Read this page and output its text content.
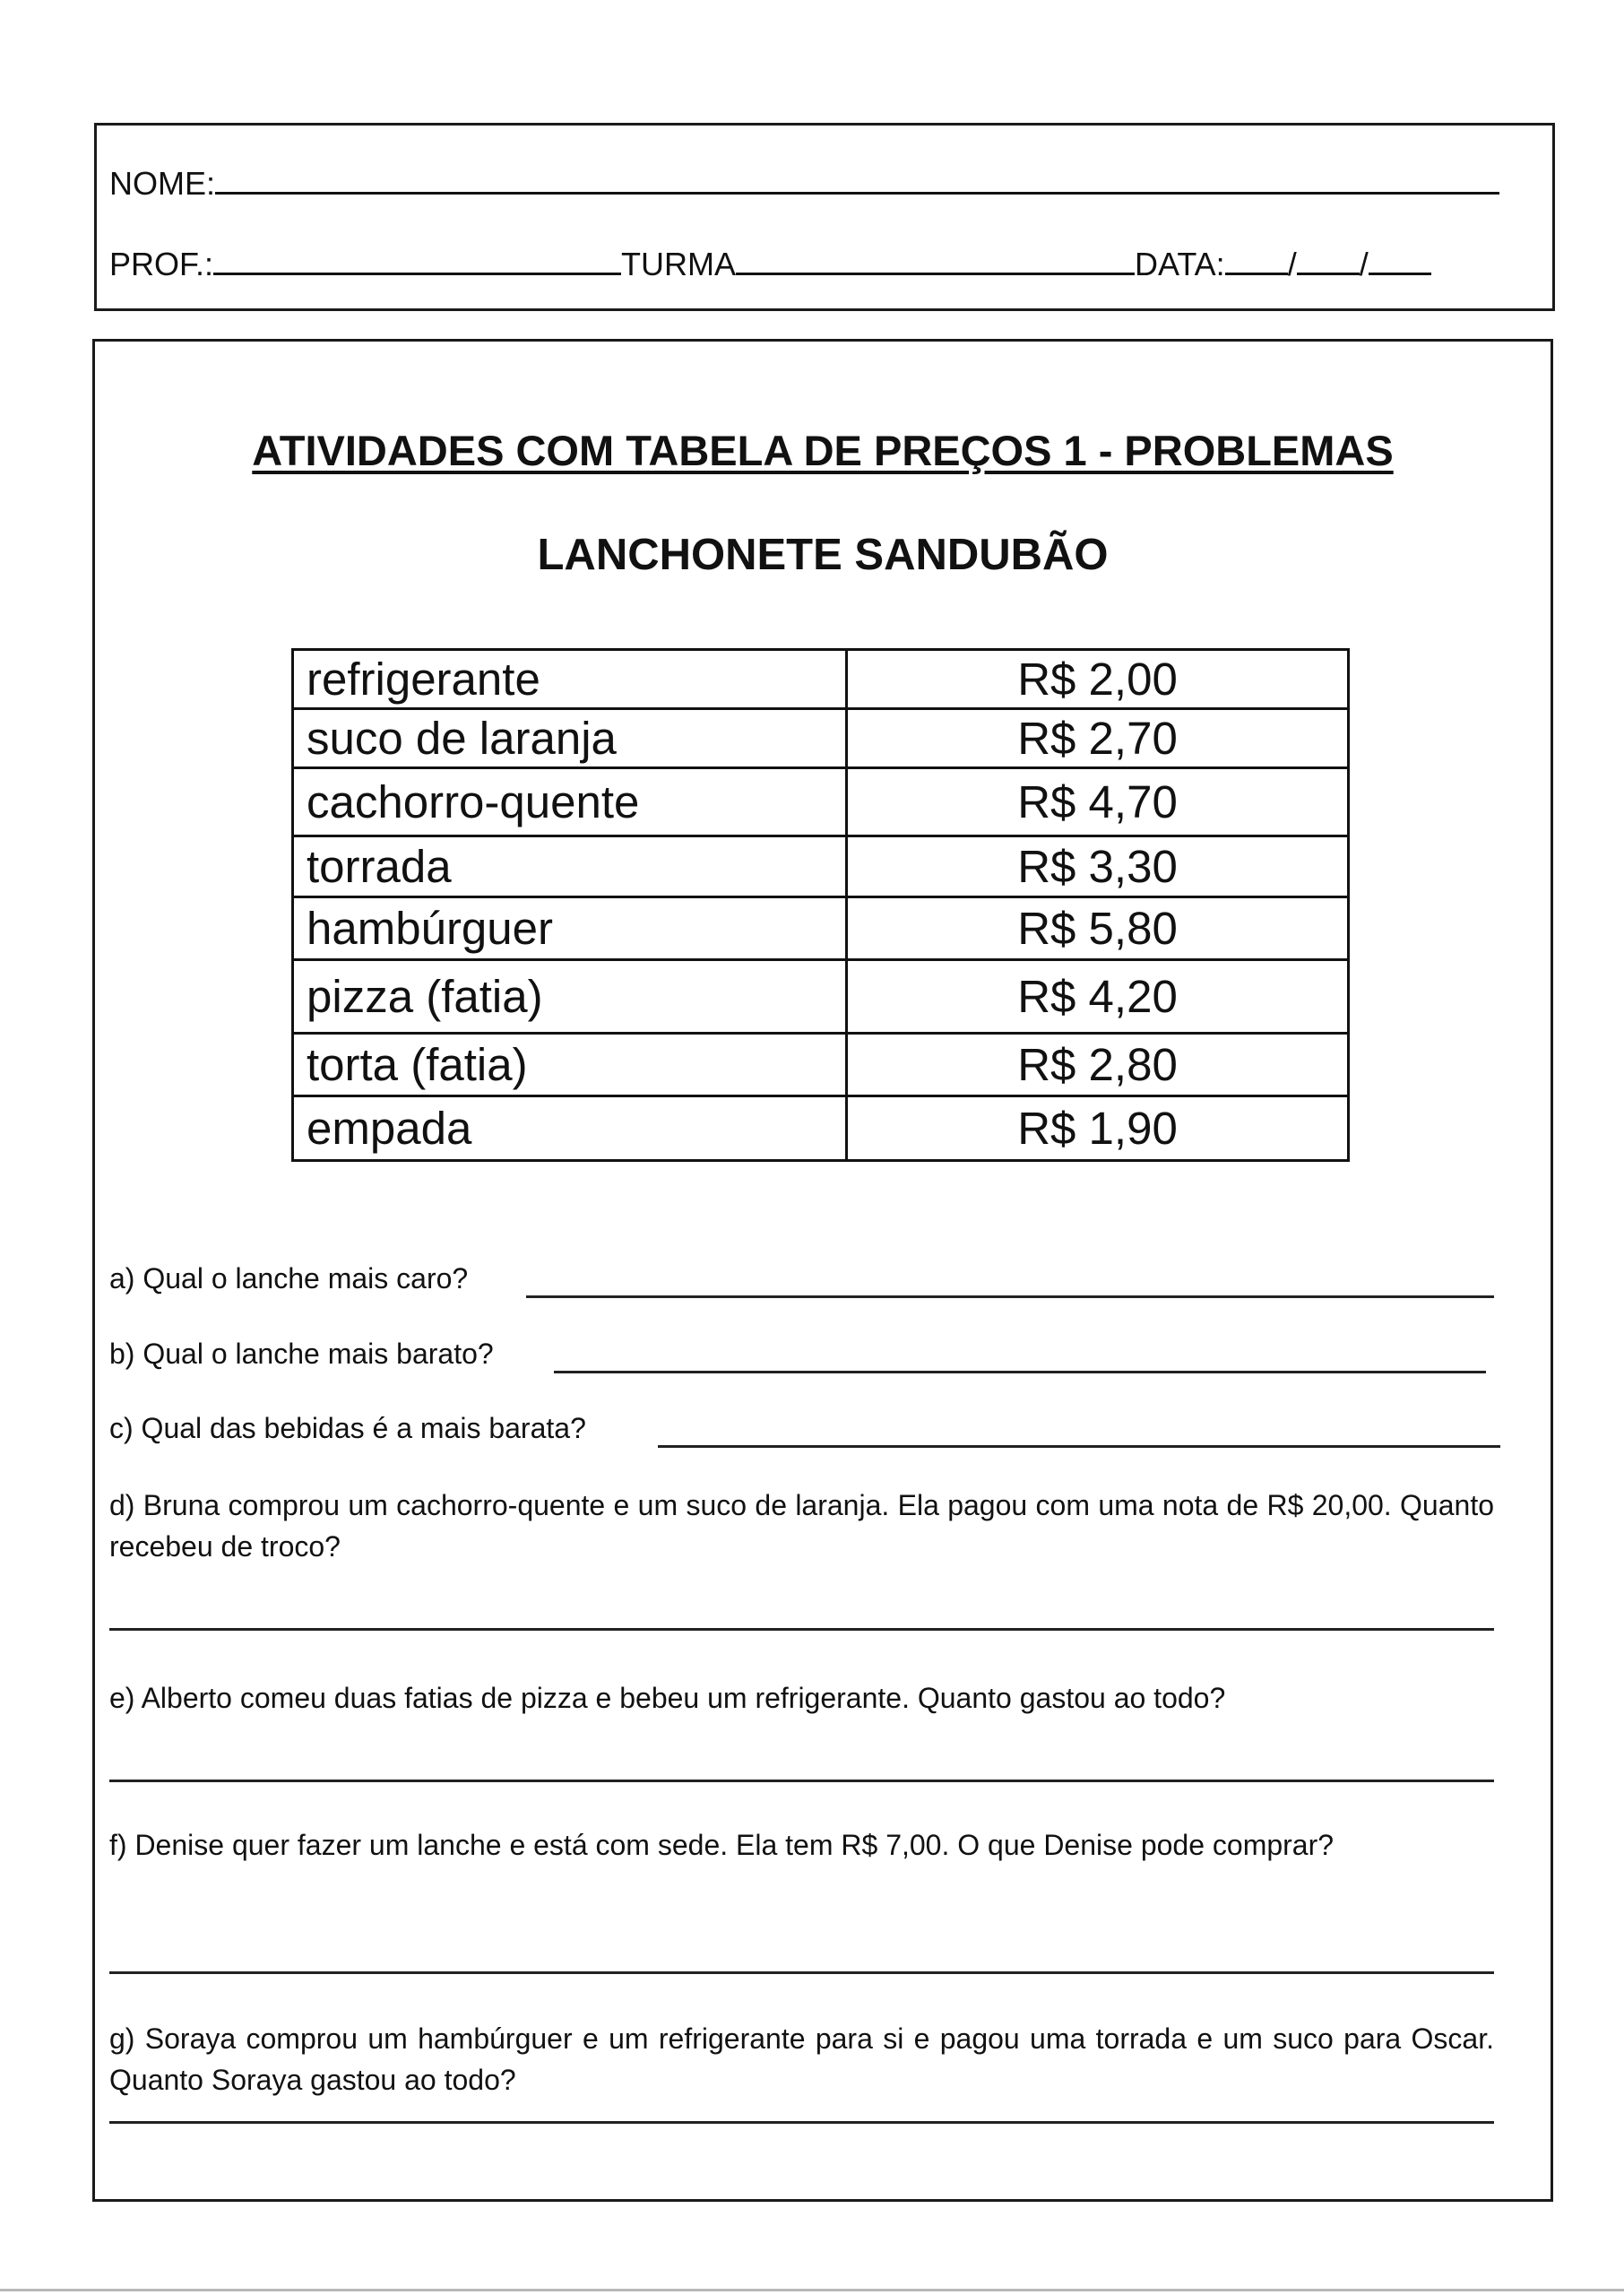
NOME:
PROF.:	TURMA	DATA: / /
ATIVIDADES COM TABELA DE PREÇOS 1 - PROBLEMAS
LANCHONETE SANDUBÃO
refrigerante	R$ 2,00
suco de laranja	R$ 2,70
cachorro-quente	R$ 4,70
torrada	R$ 3,30
hambúrguer	R$ 5,80
pizza (fatia)	R$ 4,20
torta (fatia)	R$ 2,80
empada	R$ 1,90
a) Qual o lanche mais caro?
b) Qual o lanche mais barato?
c) Qual das bebidas é a mais barata?
d) Bruna comprou um cachorro-quente e um suco de laranja. Ela pagou com uma nota de R$ 20,00. Quanto recebeu de troco?
e) Alberto comeu duas fatias de pizza e bebeu um refrigerante. Quanto gastou ao todo?
f) Denise quer fazer um lanche e está com sede. Ela tem R$ 7,00. O que Denise pode comprar?
g) Soraya comprou um hambúrguer e um refrigerante para si e pagou uma torrada e um suco para Oscar. Quanto Soraya gastou ao todo?
